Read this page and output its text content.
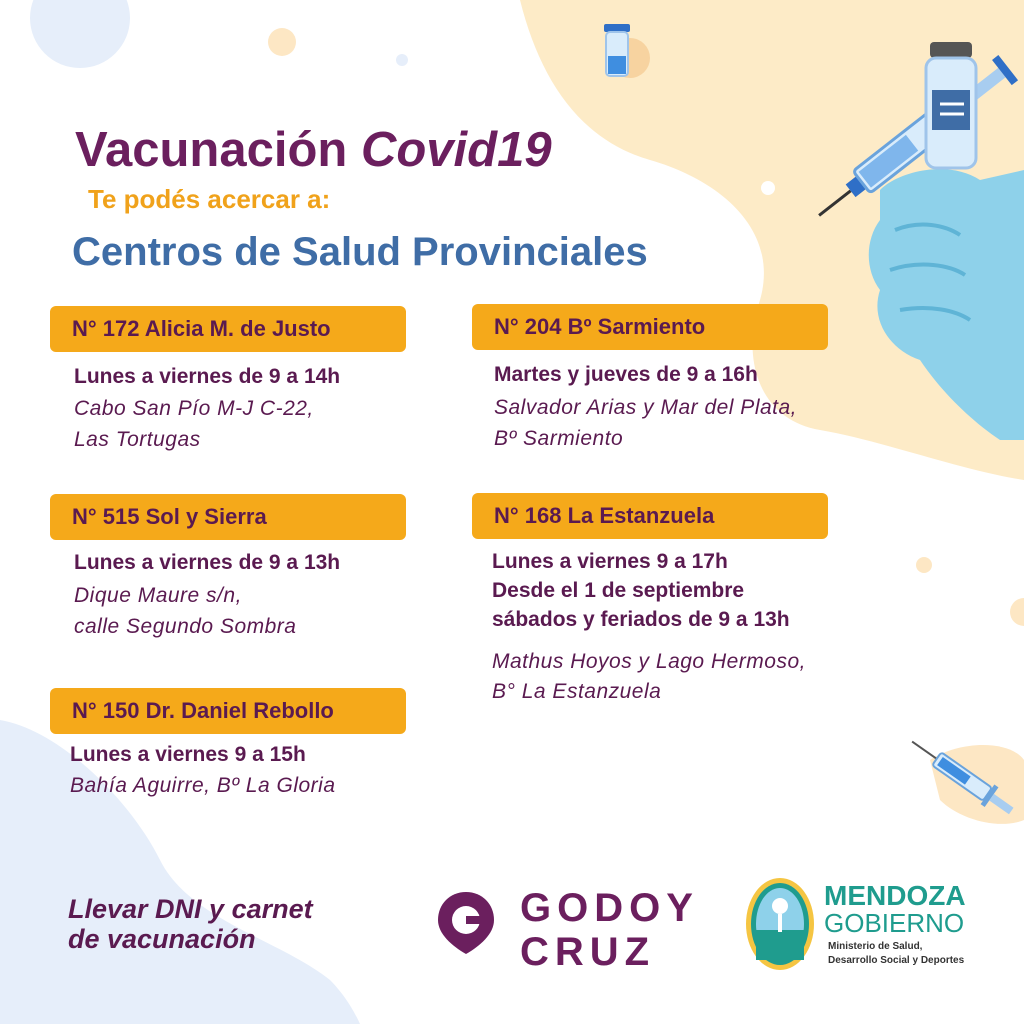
Vacunación Covid19
Te podés acercar a:
Centros de Salud Provinciales
N° 172 Alicia M. de Justo
Lunes a viernes de 9 a 14h
Cabo San Pío M-J C-22,
Las Tortugas
N° 204 Bº Sarmiento
Martes y jueves de 9 a 16h
Salvador Arias y Mar del Plata,
Bº Sarmiento
N° 515 Sol y Sierra
Lunes a viernes de 9 a 13h
Dique Maure s/n,
calle Segundo Sombra
N° 168 La Estanzuela
Lunes a viernes 9 a 17h
Desde el 1 de septiembre
sábados y feriados de 9 a 13h
Mathus Hoyos y Lago Hermoso,
B° La Estanzuela
N° 150 Dr. Daniel Rebollo
Lunes a viernes 9 a 15h
Bahía Aguirre, Bº La Gloria
Llevar DNI y carnet
de vacunación
GODOY
CRUZ
MENDOZA
GOBIERNO
Ministerio de Salud,
Desarrollo Social y Deportes
